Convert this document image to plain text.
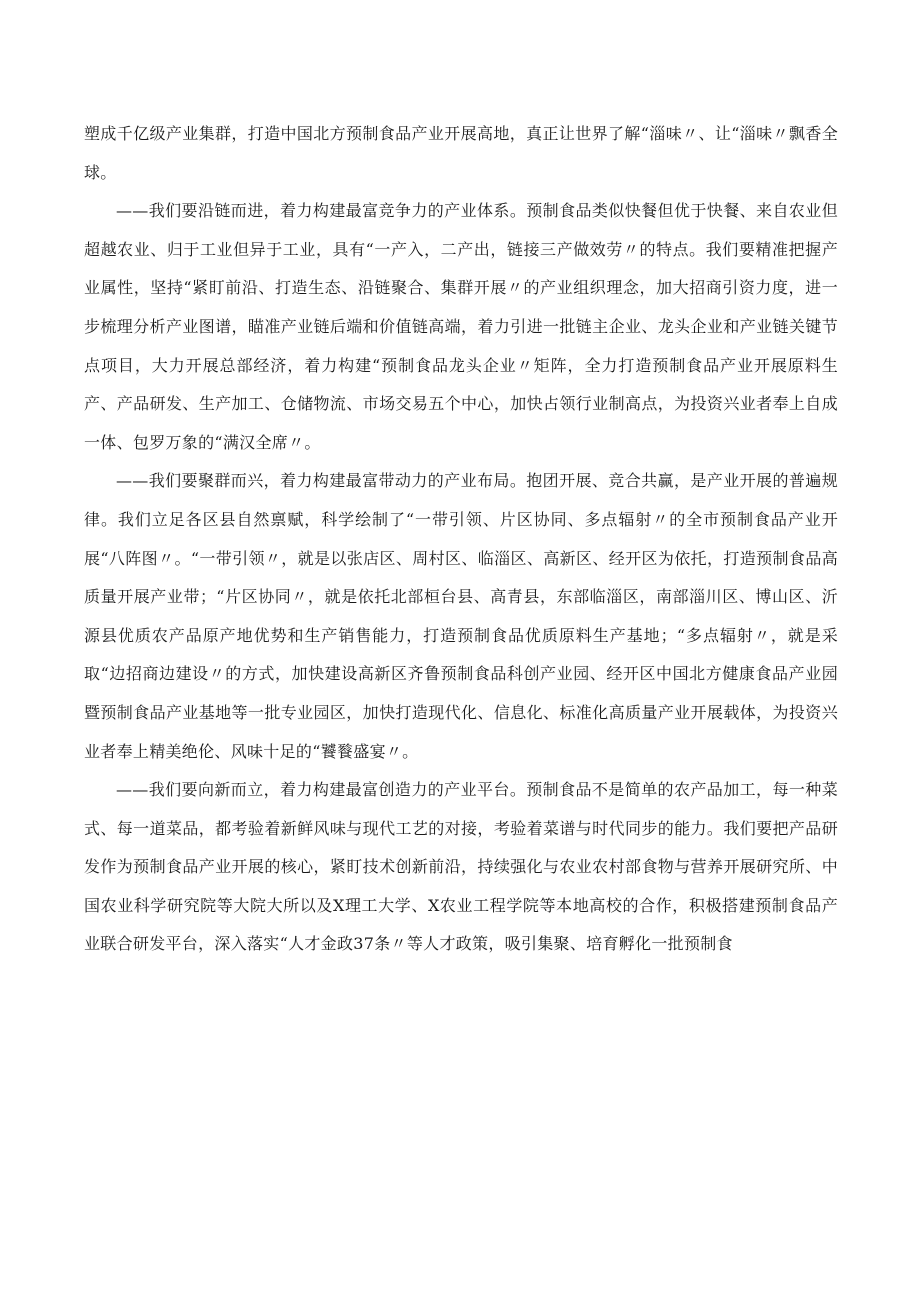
塑成千亿级产业集群，打造中国北方预制食品产业开展高地，真正让世界了解“淄味〃、让“淄味〃飘香全球。

——我们要沿链而进，着力构建最富竞争力的产业体系。预制食品类似快餐但优于快餐、来自农业但超越农业、归于工业但异于工业，具有“一产入，二产出，链接三产做效劳〃的特点。我们要精准把握产业属性，坚持“紧盯前沿、打造生态、沿链聚合、集群开展〃的产业组织理念，加大招商引资力度，进一步梳理分析产业图谱，瞄准产业链后端和价值链高端，着力引进一批链主企业、龙头企业和产业链关键节点项目，大力开展总部经济，着力构建“预制食品龙头企业〃矩阵，全力打造预制食品产业开展原料生产、产品研发、生产加工、仓储物流、市场交易五个中心，加快占领行业制高点，为投资兴业者奉上自成一体、包罗万象的“满汉全席〃。

——我们要聚群而兴，着力构建最富带动力的产业布局。抱团开展、竞合共赢，是产业开展的普遍规律。我们立足各区县自然禀赋，科学绘制了“一带引领、片区协同、多点辐射〃的全市预制食品产业开展“八阵图〃。“一带引领〃，就是以张店区、周村区、临淄区、高新区、经开区为依托，打造预制食品高质量开展产业带；“片区协同〃，就是依托北部桓台县、高青县，东部临淄区，南部淄川区、博山区、沂源县优质农产品原产地优势和生产销售能力，打造预制食品优质原料生产基地；“多点辐射〃，就是采取“边招商边建设〃的方式，加快建设高新区齐鲁预制食品科创产业园、经开区中国北方健康食品产业园暨预制食品产业基地等一批专业园区，加快打造现代化、信息化、标准化高质量产业开展载体，为投资兴业者奉上精美绝伦、风味十足的“饕餮盛宴〃。

——我们要向新而立，着力构建最富创造力的产业平台。预制食品不是简单的农产品加工，每一种菜式、每一道菜品，都考验着新鲜风味与现代工艺的对接，考验着菜谱与时代同步的能力。我们要把产品研发作为预制食品产业开展的核心，紧盯技术创新前沿，持续强化与农业农村部食物与营养开展研究所、中国农业科学研究院等大院大所以及X理工大学、X农业工程学院等本地高校的合作，积极搭建预制食品产业联合研发平台，深入落实“人才金政37条〃等人才政策，吸引集聚、培育孵化一批预制食
